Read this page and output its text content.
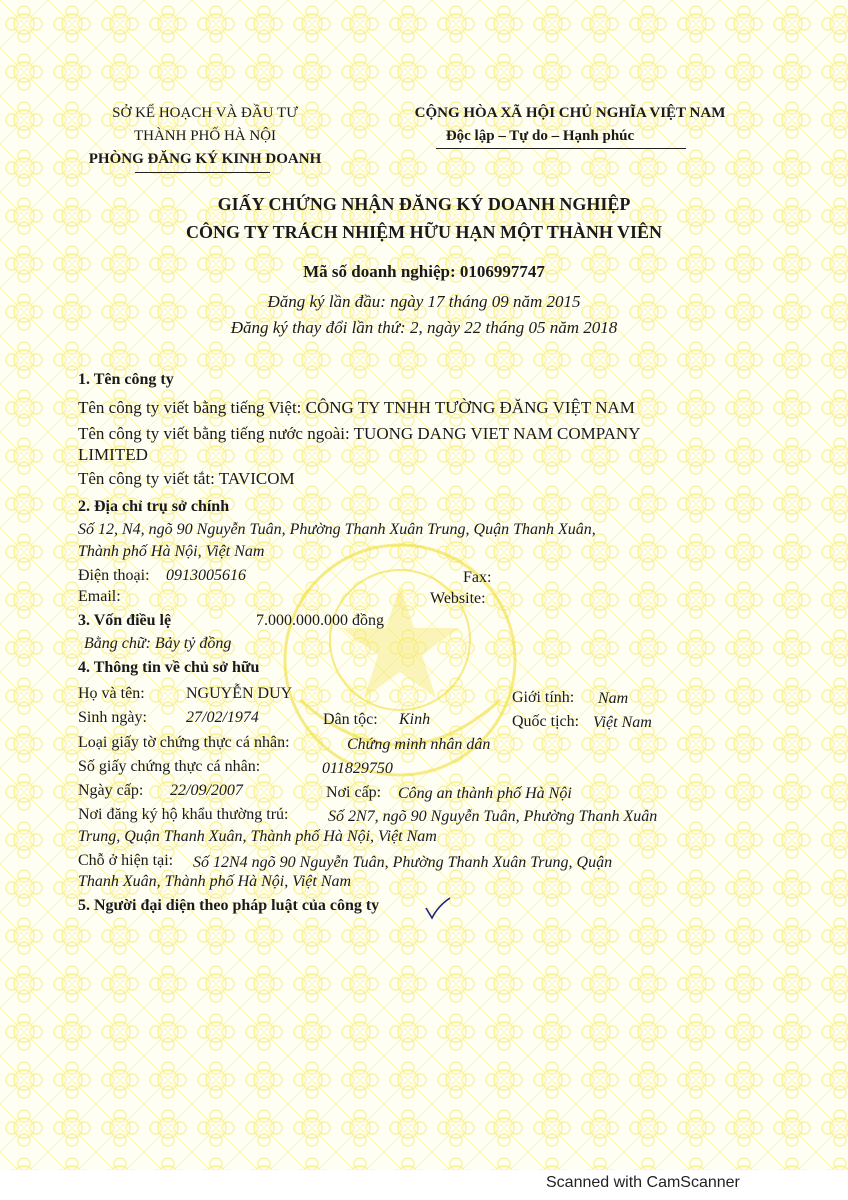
SỞ KẾ HOẠCH VÀ ĐẦU TƯ
THÀNH PHỐ HÀ NỘI
PHÒNG ĐĂNG KÝ KINH DOANH
CỘNG HÒA XÃ HỘI CHỦ NGHĨA VIỆT NAM
Độc lập – Tự do – Hạnh phúc
GIẤY CHỨNG NHẬN ĐĂNG KÝ DOANH NGHIỆP
CÔNG TY TRÁCH NHIỆM HỮU HẠN MỘT THÀNH VIÊN
Mã số doanh nghiệp: 0106997747
Đăng ký lần đầu: ngày 17 tháng 09 năm 2015
Đăng ký thay đổi lần thứ: 2, ngày 22 tháng 05 năm 2018
1. Tên công ty
Tên công ty viết bằng tiếng Việt: CÔNG TY TNHH TƯỜNG ĐĂNG VIỆT NAM
Tên công ty viết bằng tiếng nước ngoài: TUONG DANG VIET NAM COMPANY
LIMITED
Tên công ty viết tắt: TAVICOM
2. Địa chỉ trụ sở chính
Số 12, N4, ngõ 90 Nguyễn Tuân, Phường Thanh Xuân Trung, Quận Thanh Xuân,
Thành phố Hà Nội, Việt Nam
Điện thoại: 0913005616	Fax:
Email:	Website:
3. Vốn điều lệ	7.000.000.000 đồng
Bằng chữ: Bảy tỷ đồng
4. Thông tin về chủ sở hữu
Họ và tên:	NGUYỄN DUY	Giới tính: Nam
Sinh ngày: 27/02/1974	Dân tộc: Kinh	Quốc tịch: Việt Nam
Loại giấy tờ chứng thực cá nhân:	Chứng minh nhân dân
Số giấy chứng thực cá nhân:	011829750
Ngày cấp: 22/09/2007	Nơi cấp: Công an thành phố Hà Nội
Nơi đăng ký hộ khẩu thường trú: Số 2N7, ngõ 90 Nguyễn Tuân, Phường Thanh Xuân
Trung, Quận Thanh Xuân, Thành phố Hà Nội, Việt Nam
Chỗ ở hiện tại: Số 12N4 ngõ 90 Nguyễn Tuân, Phường Thanh Xuân Trung, Quận
Thanh Xuân, Thành phố Hà Nội, Việt Nam
5. Người đại diện theo pháp luật của công ty
Scanned with CamScanner
